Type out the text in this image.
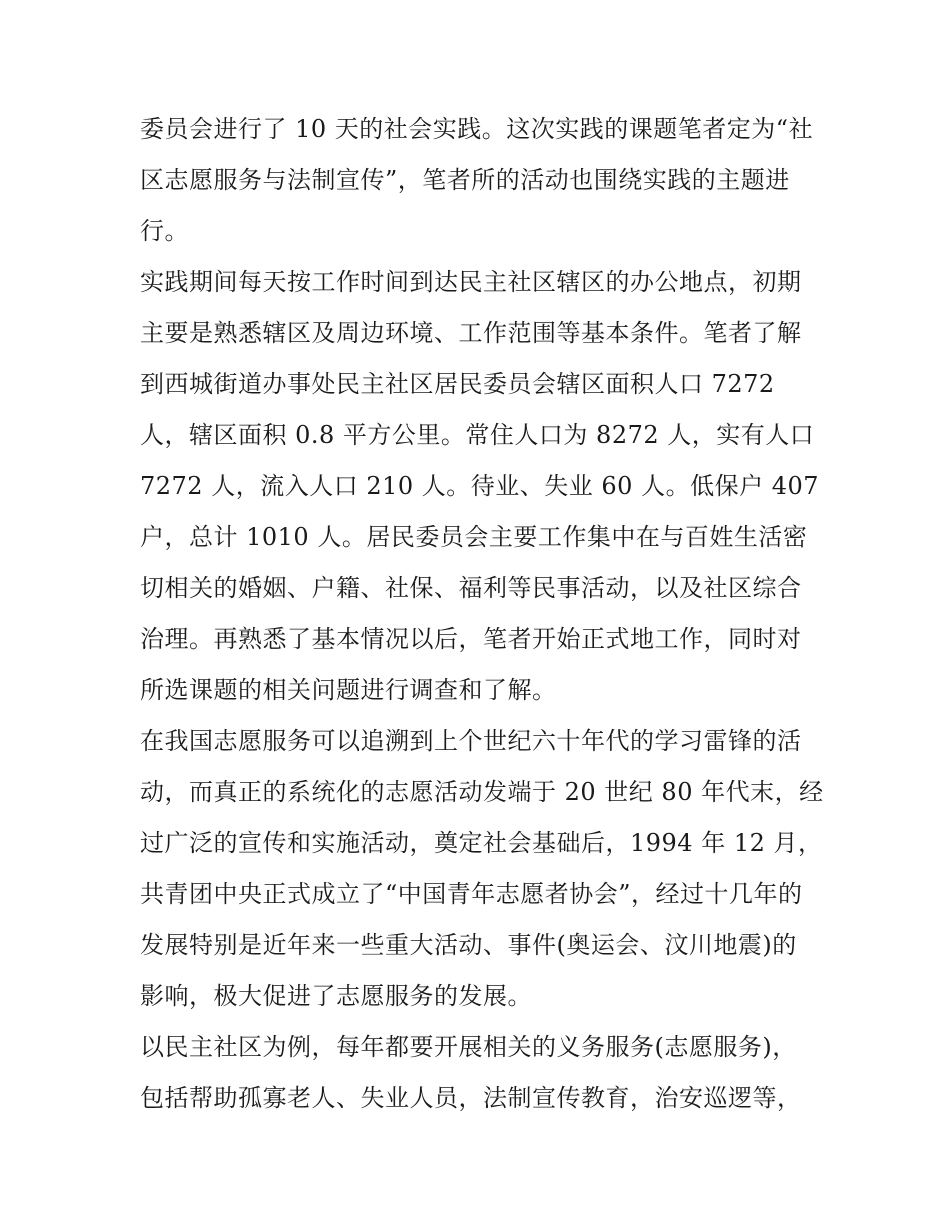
委员会进行了 10 天的社会实践。这次实践的课题笔者定为“社
区志愿服务与法制宣传”，笔者所的活动也围绕实践的主题进
行。
实践期间每天按工作时间到达民主社区辖区的办公地点，初期
主要是熟悉辖区及周边环境、工作范围等基本条件。笔者了解
到西城街道办事处民主社区居民委员会辖区面积人口 7272
人，辖区面积 0.8 平方公里。常住人口为 8272 人，实有人口
7272 人，流入人口 210 人。待业、失业 60 人。低保户 407
户，总计 1010 人。居民委员会主要工作集中在与百姓生活密
切相关的婚姻、户籍、社保、福利等民事活动，以及社区综合
治理。再熟悉了基本情况以后，笔者开始正式地工作，同时对
所选课题的相关问题进行调查和了解。
在我国志愿服务可以追溯到上个世纪六十年代的学习雷锋的活
动，而真正的系统化的志愿活动发端于 20 世纪 80 年代末，经
过广泛的宣传和实施活动，奠定社会基础后，1994 年 12 月，
共青团中央正式成立了“中国青年志愿者协会”，经过十几年的
发展特别是近年来一些重大活动、事件(奥运会、汶川地震)的
影响，极大促进了志愿服务的发展。
以民主社区为例，每年都要开展相关的义务服务(志愿服务)，
包括帮助孤寡老人、失业人员，法制宣传教育，治安巡逻等，
